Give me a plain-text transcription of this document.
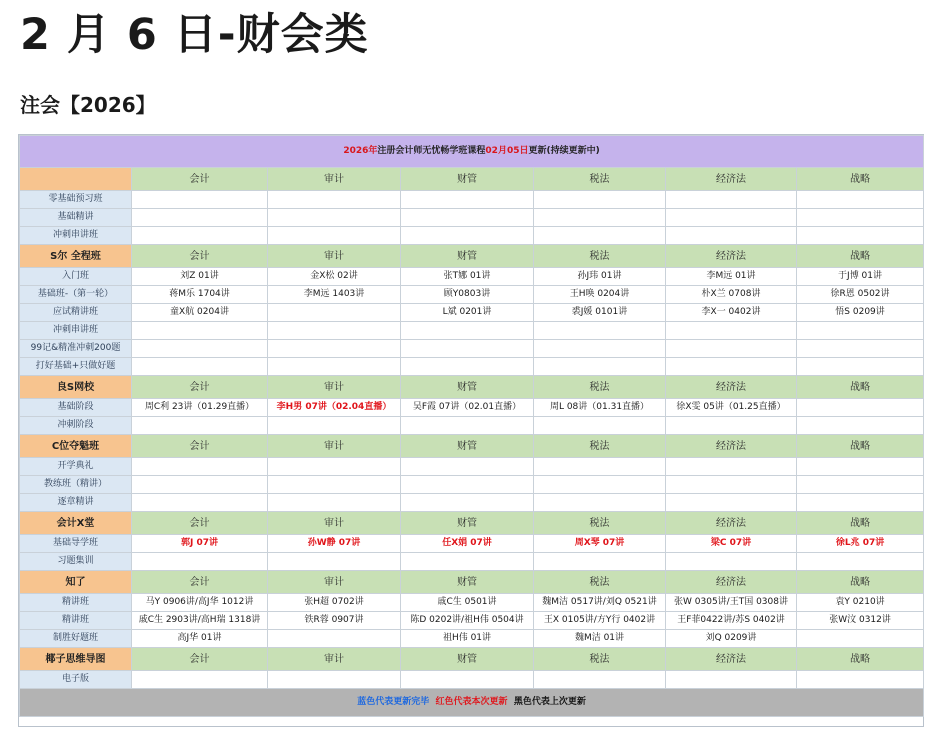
2 月 6 日-财会类
注会【2026】
2026年注册会计师无忧畅学班课程02月05日更新(持续更新中)						
	会计	审计	财管	税法	经济法	战略
零基础预习班						
基础精讲						
冲刺串讲班						
S尔 全程班	会计	审计	财管	税法	经济法	战略
入门班	刘Z 01讲	金X松 02讲	张T娜 01讲	孙J玮 01讲	李M远 01讲	于J博 01讲
基础班-（第一轮）	蒋M乐 1704讲	李M远 1403讲	顾Y0803讲	王H唤 0204讲	朴X兰 0708讲	徐R恩 0502讲
应试精讲班	童X航 0204讲		L斌 0201讲	裘J媛 0101讲	李X一 0402讲	悟S 0209讲
冲刺串讲班						
99记&精准冲刺200题						
打好基础+只做好题						
良S网校	会计	审计	财管	税法	经济法	战略
基础阶段	周C利 23讲（01.29直播）	李H男 07讲（02.04直播）	吴F霞 07讲（02.01直播）	周L 08讲（01.31直播）	徐X雯 05讲（01.25直播）	
冲刺阶段						
C位夺魁班	会计	审计	财管	税法	经济法	战略
开学典礼						
教练班（精讲）						
逐章精讲						
会计X堂	会计	审计	财管	税法	经济法	战略
基础导学班	郭J 07讲	孙W静 07讲	任X娟 07讲	周X琴 07讲	梁C 07讲	徐L兆 07讲
习题集训						
知了	会计	审计	财管	税法	经济法	战略
精讲班	马Y 0906讲/高J华 1012讲	张H超 0702讲	戚C生 0501讲	魏M洁 0517讲/刘Q 0521讲	张W 0305讲/王T国 0308讲	袁Y 0210讲
精讲班	戚C生 2903讲/高H瑞 1318讲	铁R蓉 0907讲	陈D 0202讲/祖H伟 0504讲	王X 0105讲/方Y行 0402讲	王F菲0422讲/苏S 0402讲	张W汶 0312讲
制胜好题班	高J华 01讲		祖H伟 01讲	魏M洁 01讲	刘Q 0209讲	
椰子思维导图	会计	审计	财管	税法	经济法	战略
电子版						
蓝色代表更新完毕 红色代表本次更新 黑色代表上次更新						
